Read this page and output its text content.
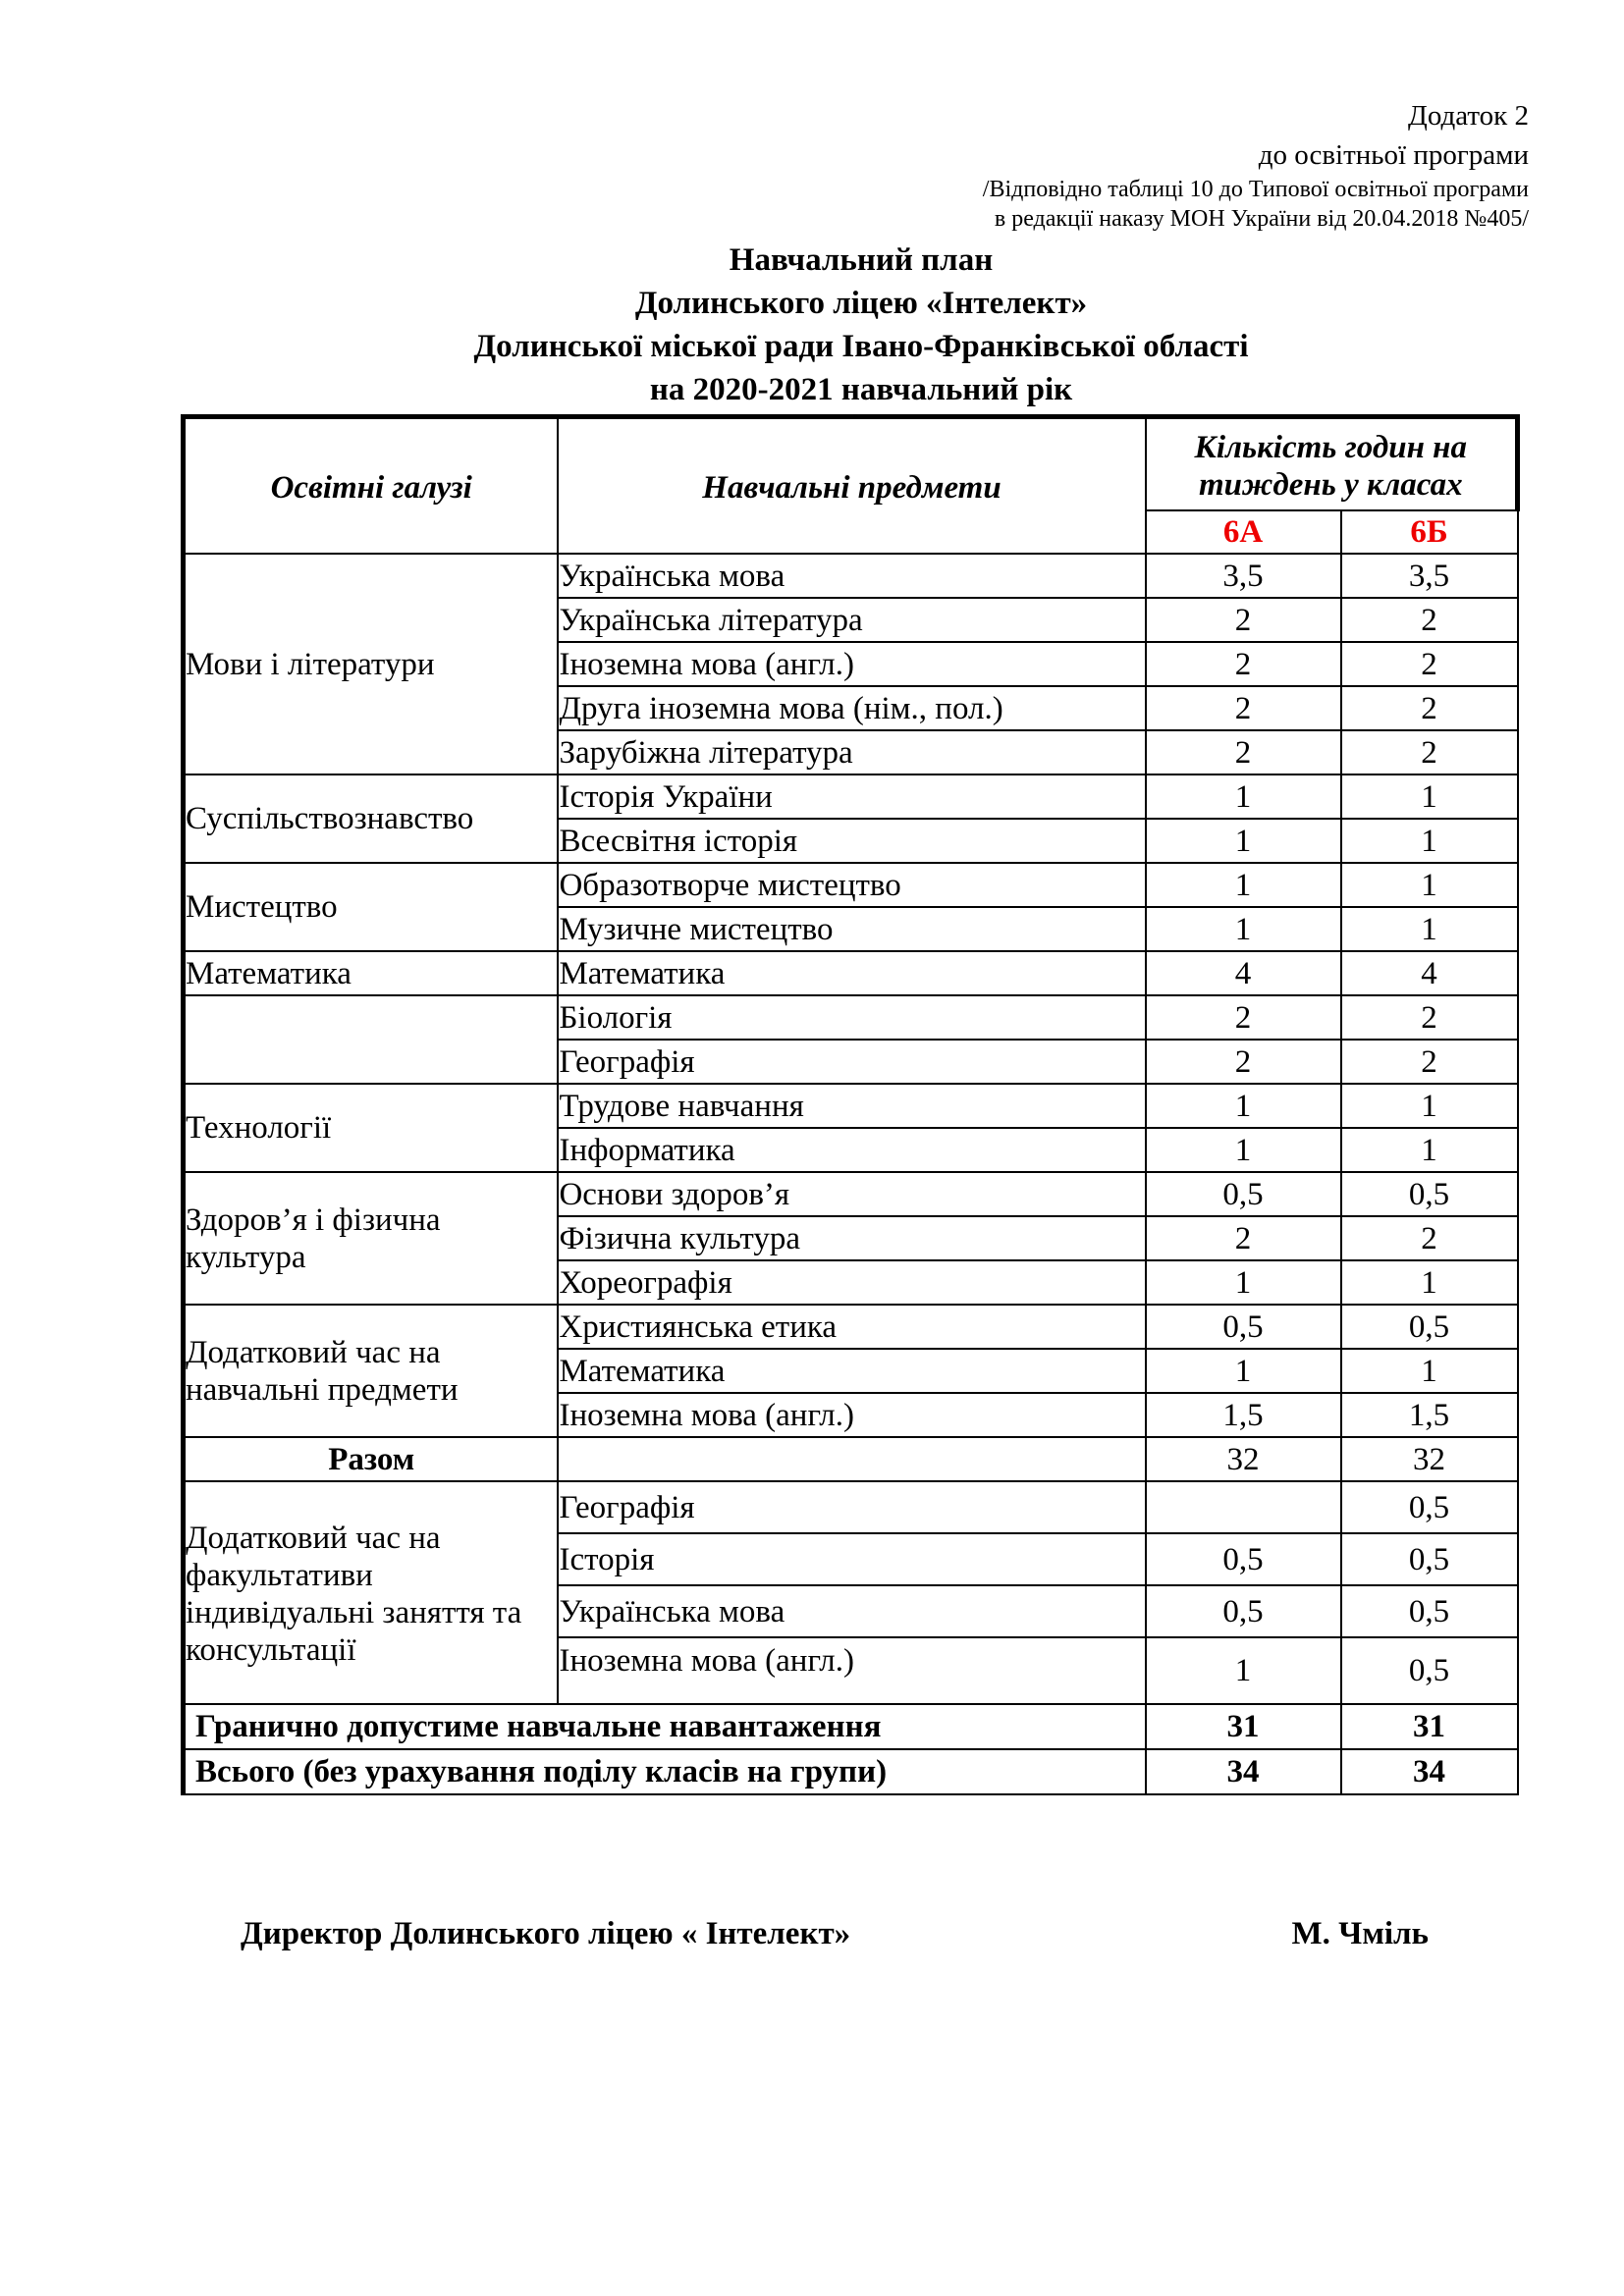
Додаток 2
до освітньої програми
/Відповідно таблиці 10 до Типової освітньої програми
в редакції наказу МОН України від 20.04.2018 №405/
Навчальний план
Долинського ліцею «Інтелект»
Долинської міської ради Івано-Франківської області
на 2020-2021 навчальний рік
Освітні галузі	Навчальні предмети	Кількість годин на тиждень у класах	
		6А	6Б
Мови і літератури	Українська мова	3,5	3,5
	Українська література	2	2
	Іноземна мова (англ.)	2	2
	Друга іноземна мова (нім., пол.)	2	2
	Зарубіжна література	2	2
Суспільствознавство	Історія України	1	1
	Всесвітня історія	1	1
Мистецтво	Образотворче мистецтво	1	1
	Музичне мистецтво	1	1
Математика	Математика	4	4
	Біологія	2	2
	Географія	2	2
Технології	Трудове навчання	1	1
	Інформатика	1	1
Здоров’я і фізична культура	Основи здоров’я	0,5	0,5
	Фізична культура	2	2
	Хореографія	1	1
Додатковий час на навчальні предмети	Християнська етика	0,5	0,5
	Математика	1	1
	Іноземна мова (англ.)	1,5	1,5
Разом		32	32
Додатковий час на факультативи індивідуальні заняття та консультації	Географія		0,5
	Історія	0,5	0,5
	Українська мова	0,5	0,5
	Іноземна мова (англ.)	1	0,5
Гранично допустиме навчальне навантаження		31	31
Всього (без урахування поділу класів на групи)		34	34
Директор Долинського ліцею « Інтелект»	М. Чміль
